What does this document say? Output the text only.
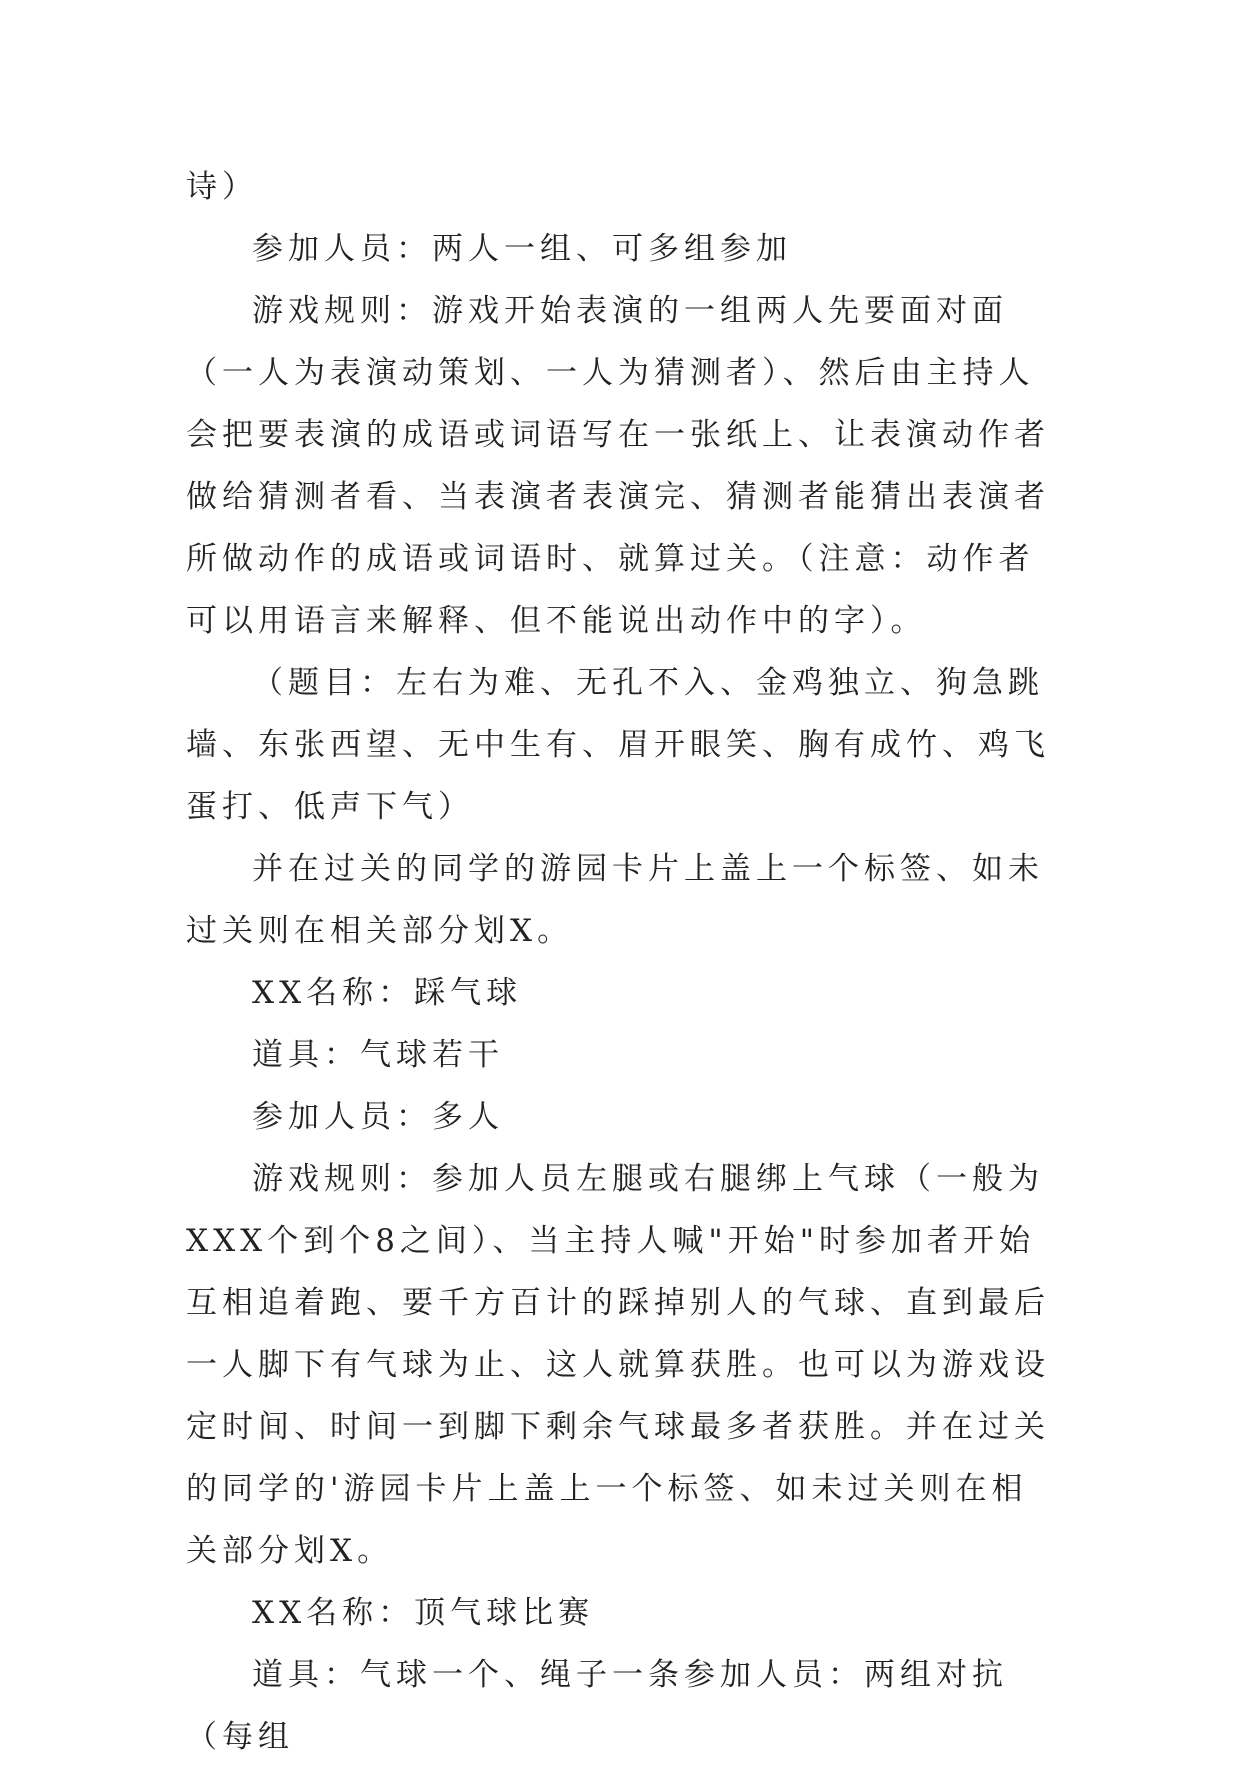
诗）

参加人员：两人一组、可多组参加

游戏规则：游戏开始表演的一组两人先要面对面（一人为表演动策划、一人为猜测者）、然后由主持人会把要表演的成语或词语写在一张纸上、让表演动作者做给猜测者看、当表演者表演完、猜测者能猜出表演者所做动作的成语或词语时、就算过关。（注意：动作者可以用语言来解释、但不能说出动作中的字）。

（题目：左右为难、无孔不入、金鸡独立、狗急跳墙、东张西望、无中生有、眉开眼笑、胸有成竹、鸡飞蛋打、低声下气）

并在过关的同学的游园卡片上盖上一个标签、如未过关则在相关部分划X。

XX名称：踩气球

道具：气球若干

参加人员：多人

游戏规则：参加人员左腿或右腿绑上气球（一般为XXX个到个8之间）、当主持人喊"开始"时参加者开始互相追着跑、要千方百计的踩掉别人的气球、直到最后一人脚下有气球为止、这人就算获胜。也可以为游戏设定时间、时间一到脚下剩余气球最多者获胜。并在过关的同学的'游园卡片上盖上一个标签、如未过关则在相关部分划X。

XX名称：顶气球比赛

道具：气球一个、绳子一条参加人员：两组对抗（每组
